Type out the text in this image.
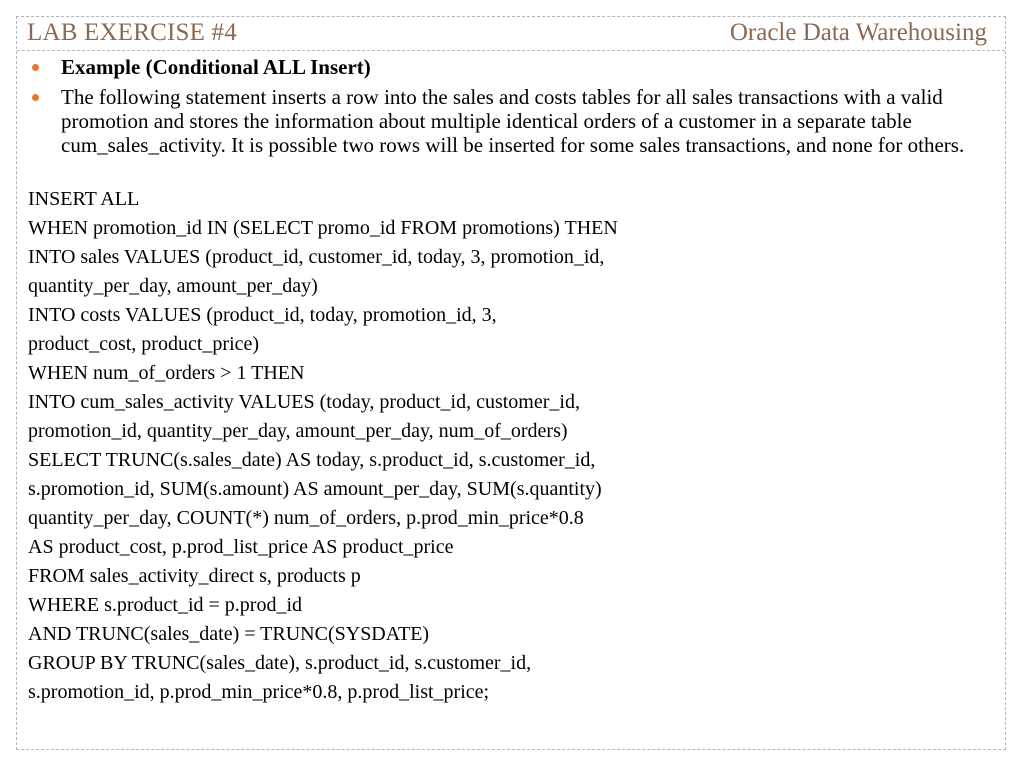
LAB EXERCISE #4	Oracle Data Warehousing
Example (Conditional ALL Insert)
The following statement inserts a row into the sales and costs tables for all sales transactions with a valid promotion and stores the information about multiple identical orders of a customer in a separate table cum_sales_activity. It is possible two rows will be inserted for some sales transactions, and none for others.
INSERT ALL
WHEN promotion_id IN (SELECT promo_id FROM promotions) THEN
INTO sales VALUES (product_id, customer_id, today, 3, promotion_id,
quantity_per_day, amount_per_day)
INTO costs VALUES (product_id, today, promotion_id, 3,
product_cost, product_price)
WHEN num_of_orders > 1 THEN
INTO cum_sales_activity VALUES (today, product_id, customer_id,
promotion_id, quantity_per_day, amount_per_day, num_of_orders)
SELECT TRUNC(s.sales_date) AS today, s.product_id, s.customer_id,
s.promotion_id, SUM(s.amount) AS amount_per_day, SUM(s.quantity)
quantity_per_day, COUNT(*) num_of_orders, p.prod_min_price*0.8
AS product_cost, p.prod_list_price AS product_price
FROM sales_activity_direct s, products p
WHERE s.product_id = p.prod_id
AND TRUNC(sales_date) = TRUNC(SYSDATE)
GROUP BY TRUNC(sales_date), s.product_id, s.customer_id,
s.promotion_id, p.prod_min_price*0.8, p.prod_list_price;
